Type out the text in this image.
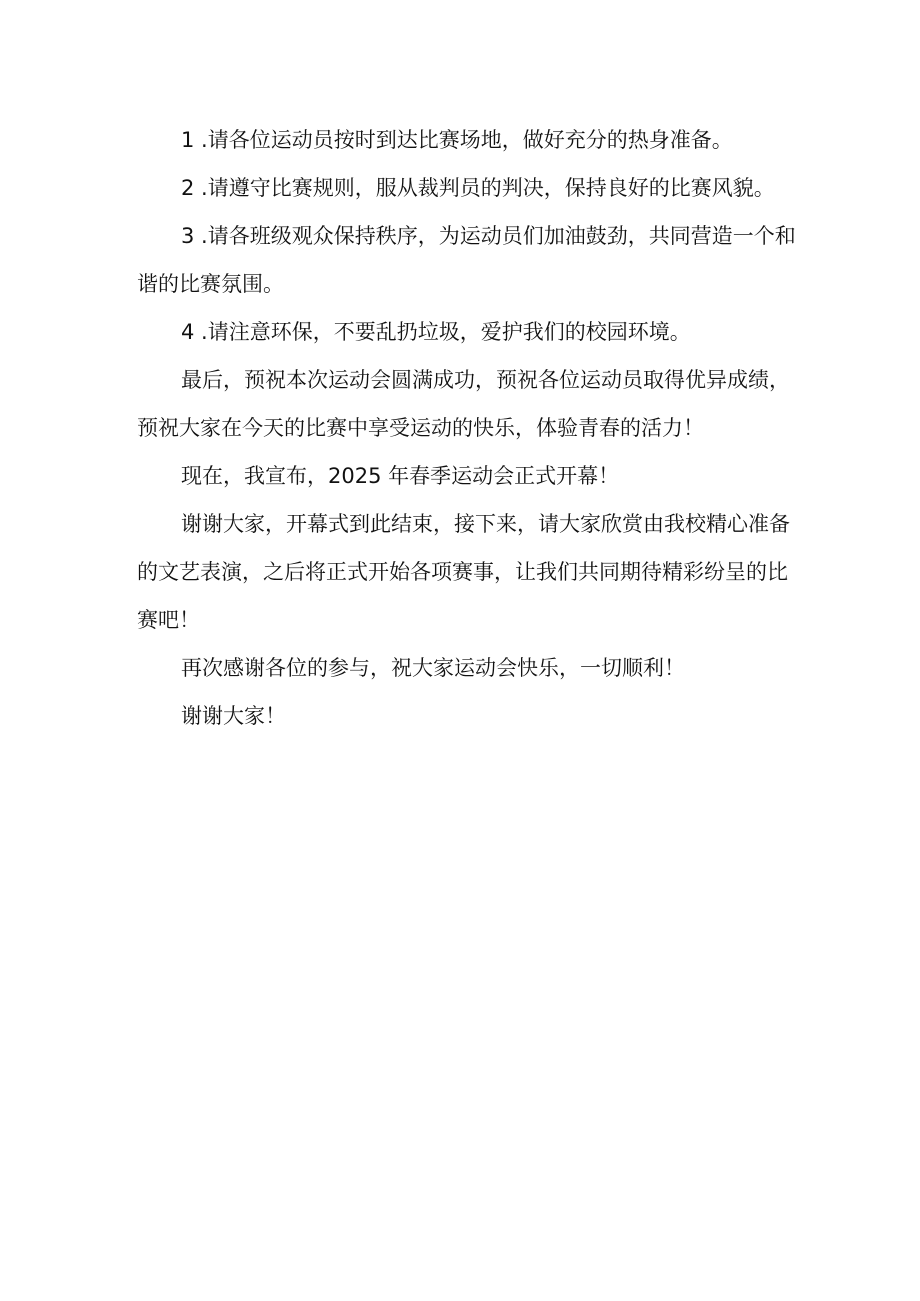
1 .请各位运动员按时到达比赛场地，做好充分的热身准备。

2 .请遵守比赛规则，服从裁判员的判决，保持良好的比赛风貌。

3 .请各班级观众保持秩序，为运动员们加油鼓劲，共同营造一个和谐的比赛氛围。

4 .请注意环保，不要乱扔垃圾，爱护我们的校园环境。

最后，预祝本次运动会圆满成功，预祝各位运动员取得优异成绩，预祝大家在今天的比赛中享受运动的快乐，体验青春的活力！

现在，我宣布，2025 年春季运动会正式开幕！

谢谢大家，开幕式到此结束，接下来，请大家欣赏由我校精心准备的文艺表演，之后将正式开始各项赛事，让我们共同期待精彩纷呈的比赛吧！

再次感谢各位的参与，祝大家运动会快乐，一切顺利！

谢谢大家！
